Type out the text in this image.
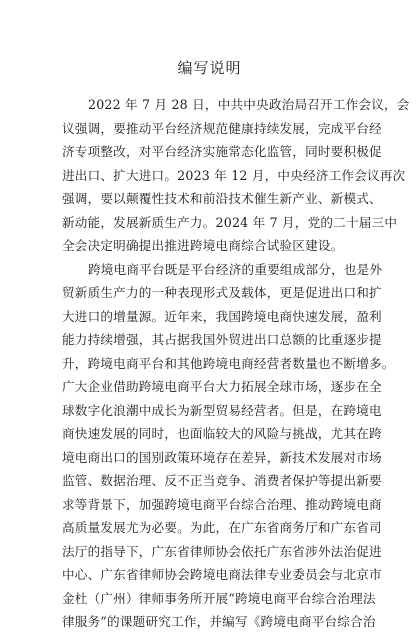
编写说明
2022 年 7 月 28 日，中共中央政治局召开工作会议，会
议强调，要推动平台经济规范健康持续发展，完成平台经
济专项整改，对平台经济实施常态化监管，同时要积极促
进出口、扩大进口。2023 年 12 月，中央经济工作会议再次
强调，要以颠覆性技术和前沿技术催生新产业、新模式、
新动能，发展新质生产力。2024 年 7 月，党的二十届三中
全会决定明确提出推进跨境电商综合试验区建设。
跨境电商平台既是平台经济的重要组成部分，也是外
贸新质生产力的一种表现形式及载体，更是促进出口和扩
大进口的增量源。近年来，我国跨境电商快速发展，盈利
能力持续增强，其占据我国外贸进出口总额的比重逐步提
升，跨境电商平台和其他跨境电商经营者数量也不断增多。
广大企业借助跨境电商平台大力拓展全球市场，逐步在全
球数字化浪潮中成长为新型贸易经营者。但是，在跨境电
商快速发展的同时，也面临较大的风险与挑战，尤其在跨
境电商出口的国别政策环境存在差异，新技术发展对市场
监管、数据治理、反不正当竞争、消费者保护等提出新要
求等背景下，加强跨境电商平台综合治理、推动跨境电商
高质量发展尤为必要。为此，在广东省商务厅和广东省司
法厅的指导下，广东省律师协会依托广东省涉外法治促进
中心、广东省律师协会跨境电商法律专业委员会与北京市
金杜（广州）律师事务所开展“跨境电商平台综合治理法
律服务”的课题研究工作，并编写《跨境电商平台综合治
